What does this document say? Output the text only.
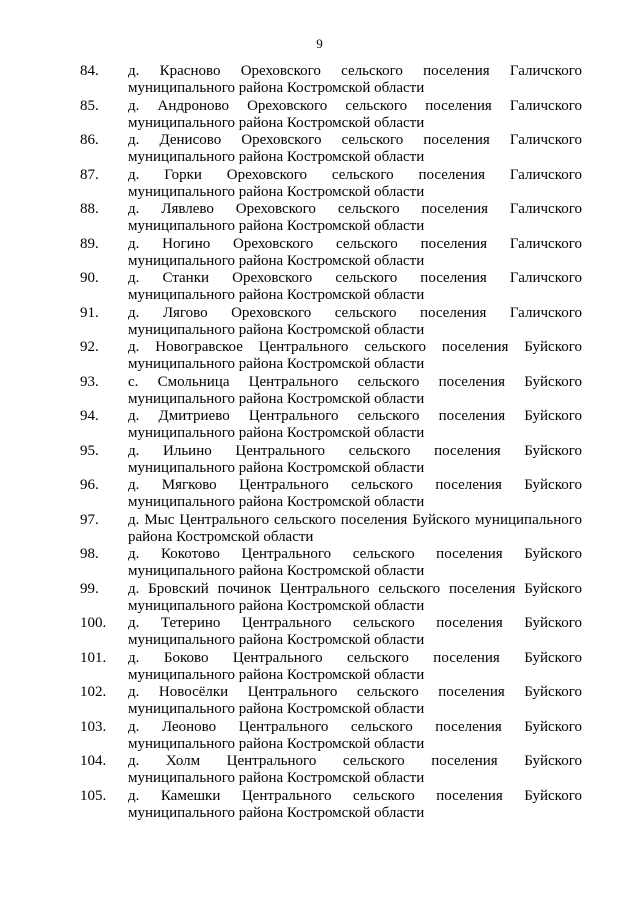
9
84.	д. Красново Ореховского сельского поселения Галичского
муниципального района Костромской области
85.	д. Андроново Ореховского сельского поселения Галичского
муниципального района Костромской области
86.	д. Денисово Ореховского сельского поселения Галичского
муниципального района Костромской области
87.	д. Горки Ореховского сельского поселения Галичского
муниципального района Костромской области
88.	д. Лявлево Ореховского сельского поселения Галичского
муниципального района Костромской области
89.	д. Ногино Ореховского сельского поселения Галичского
муниципального района Костромской области
90.	д. Станки Ореховского сельского поселения Галичского
муниципального района Костромской области
91.	д. Лягово Ореховского сельского поселения Галичского
муниципального района Костромской области
92.	д. Новогравское Центрального сельского поселения Буйского
муниципального района Костромской области
93.	с. Смольница Центрального сельского поселения Буйского
муниципального района Костромской области
94.	д. Дмитриево Центрального сельского поселения Буйского
муниципального района Костромской области
95.	д. Ильино Центрального сельского поселения Буйского
муниципального района Костромской области
96.	д. Мягково Центрального сельского поселения Буйского
муниципального района Костромской области
97.	д. Мыс Центрального сельского поселения Буйского муниципального
района Костромской области
98.	д. Кокотово Центрального сельского поселения Буйского
муниципального района Костромской области
99.	д. Бровский починок Центрального сельского поселения Буйского
муниципального района Костромской области
100.	д. Тетерино Центрального сельского поселения Буйского
муниципального района Костромской области
101.	д. Боково Центрального сельского поселения Буйского
муниципального района Костромской области
102.	д. Новосёлки Центрального сельского поселения Буйского
муниципального района Костромской области
103.	д. Леоново Центрального сельского поселения Буйского
муниципального района Костромской области
104.	д. Холм Центрального сельского поселения Буйского
муниципального района Костромской области
105.	д. Камешки Центрального сельского поселения Буйского
муниципального района Костромской области
